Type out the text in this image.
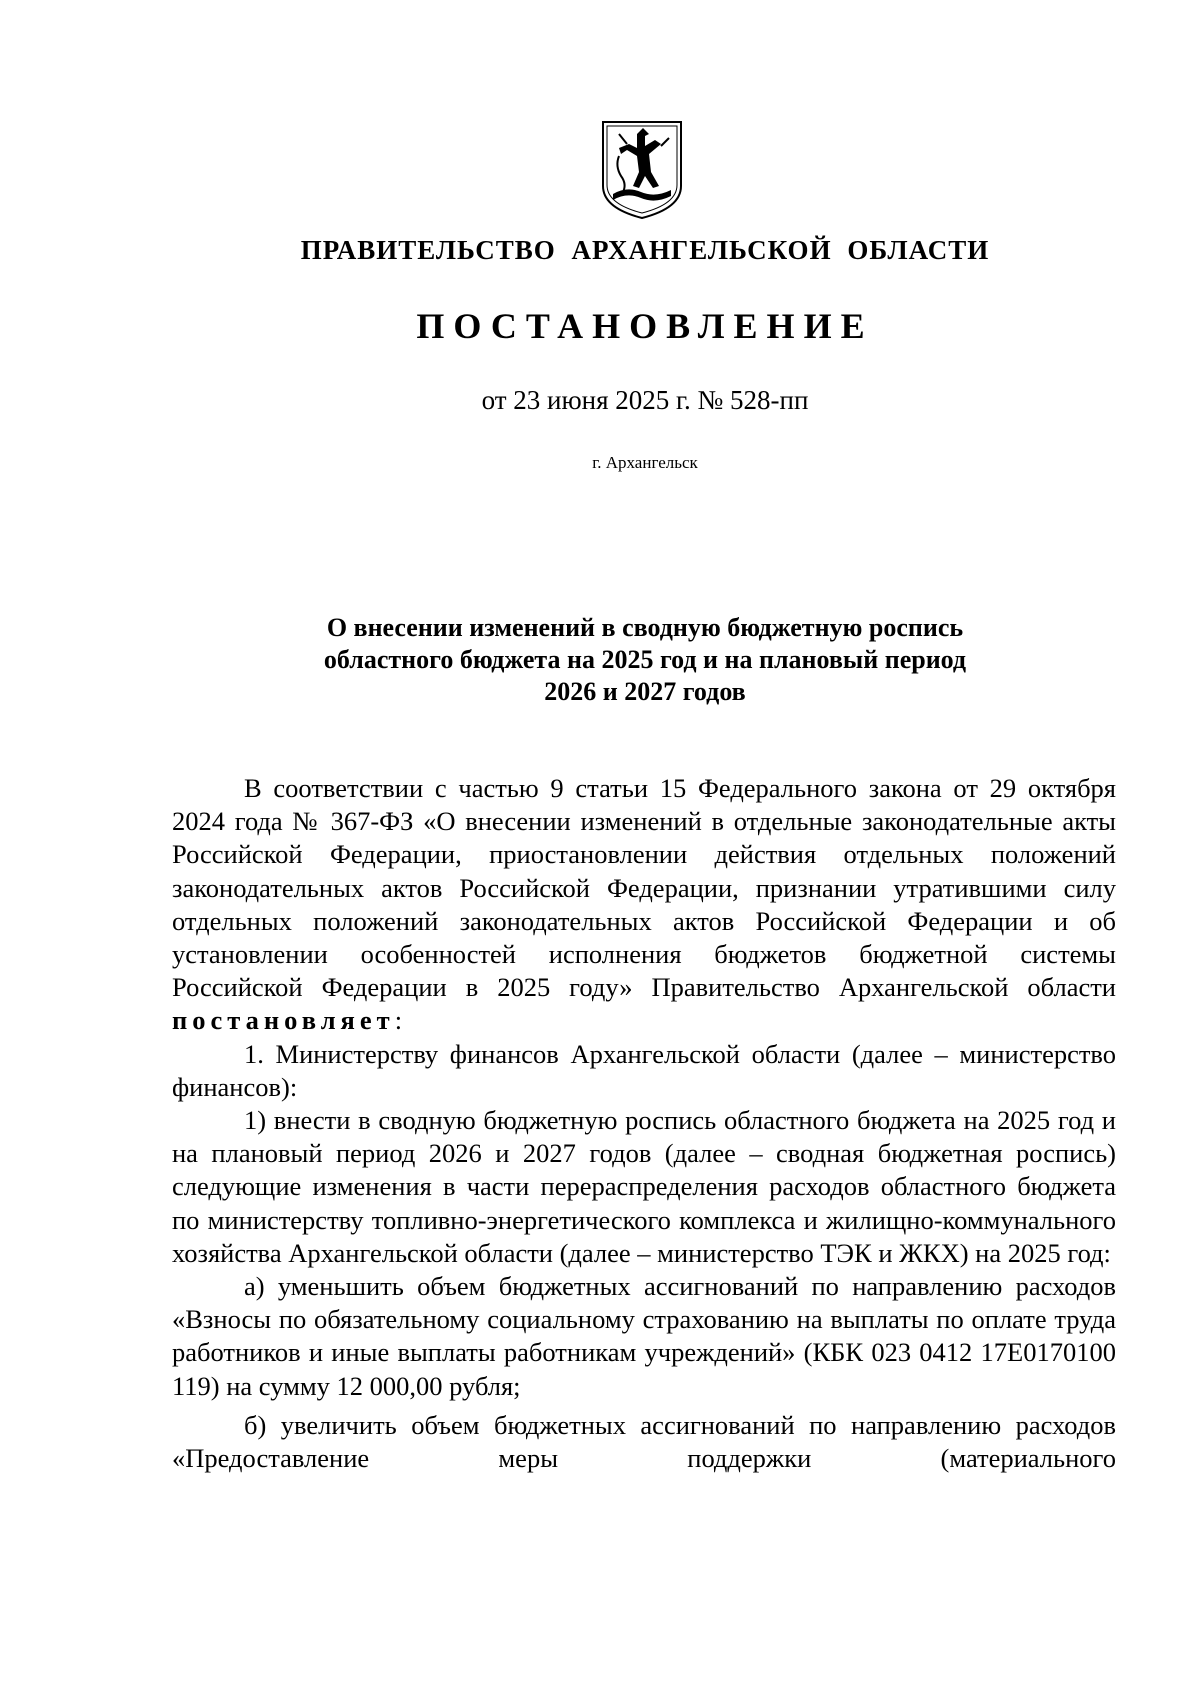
ПРАВИТЕЛЬСТВО АРХАНГЕЛЬСКОЙ ОБЛАСТИ
ПОСТАНОВЛЕНИЕ
от 23 июня 2025 г. № 528-пп
г. Архангельск
О внесении изменений в сводную бюджетную роспись
областного бюджета на 2025 год и на плановый период
2026 и 2027 годов

В соответствии с частью 9 статьи 15 Федерального закона от 29 октября 2024 года № 367-ФЗ «О внесении изменений в отдельные законодательные акты Российской Федерации, приостановлении действия отдельных положений законодательных актов Российской Федерации, признании утратившими силу отдельных положений законодательных актов Российской Федерации и об установлении особенностей исполнения бюджетов бюджетной системы Российской Федерации в 2025 году» Правительство Архангельской области постановляет:

1. Министерству финансов Архангельской области (далее – министерство финансов):

1) внести в сводную бюджетную роспись областного бюджета на 2025 год и на плановый период 2026 и 2027 годов (далее – сводная бюджетная роспись) следующие изменения в части перераспределения расходов областного бюджета по министерству топливно-энергетического комплекса и жилищно-коммунального хозяйства Архангельской области (далее – министерство ТЭК и ЖКХ) на 2025 год:

а) уменьшить объем бюджетных ассигнований по направлению расходов «Взносы по обязательному социальному страхованию на выплаты по оплате труда работников и иные выплаты работникам учреждений» (КБК 023 0412 17Е0170100 119) на сумму 12 000,00 рубля;

б) увеличить объем бюджетных ассигнований по направлению расходов «Предоставление меры поддержки (материального
